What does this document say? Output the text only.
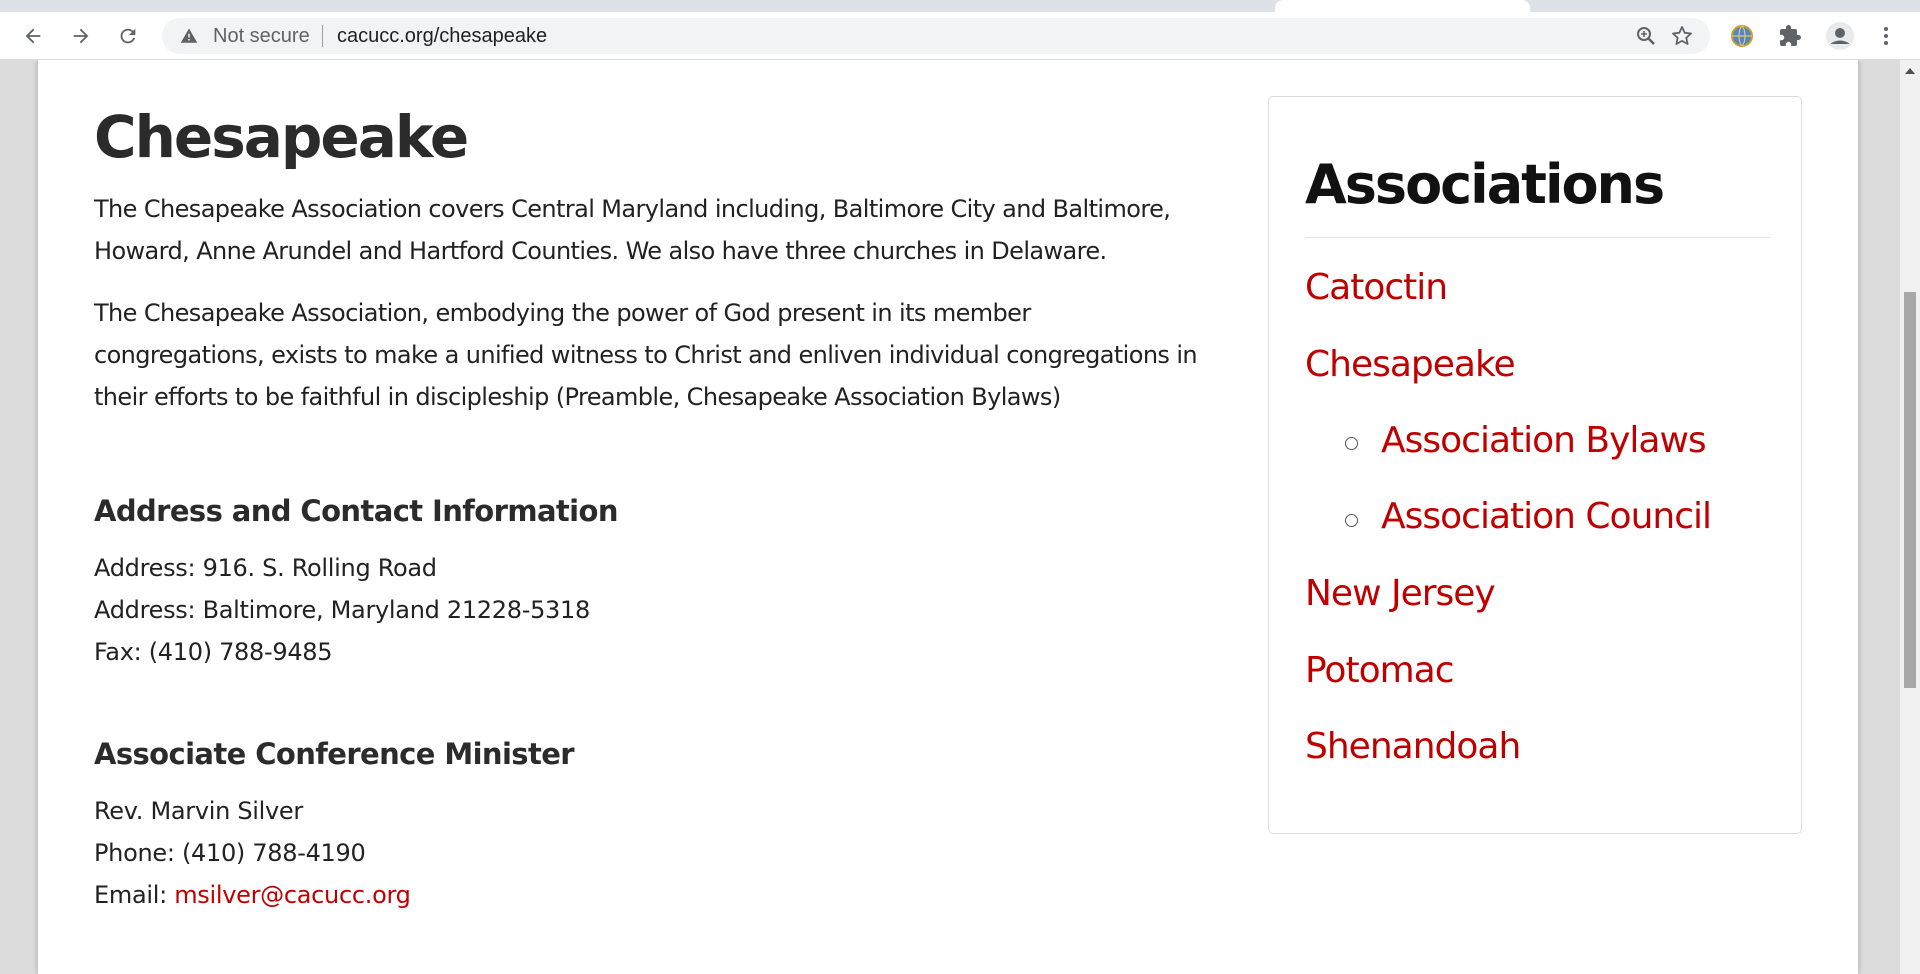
Not secure cacucc.org/chesapeake
Chesapeake

The Chesapeake Association covers Central Maryland including, Baltimore City and Baltimore, Howard, Anne Arundel and Hartford Counties. We also have three churches in Delaware.

The Chesapeake Association, embodying the power of God present in its member congregations, exists to make a unified witness to Christ and enliven individual congregations in their efforts to be faithful in discipleship (Preamble, Chesapeake Association Bylaws)

Address and Contact Information
Address: 916. S. Rolling Road
Address: Baltimore, Maryland 21228-5318
Fax: (410) 788-9485
Associate Conference Minister
Rev. Marvin Silver
Phone: (410) 788-4190
Email: msilver@cacucc.org
Associations
Catoctin
Chesapeake
Association Bylaws
Association Council
New Jersey
Potomac
Shenandoah
